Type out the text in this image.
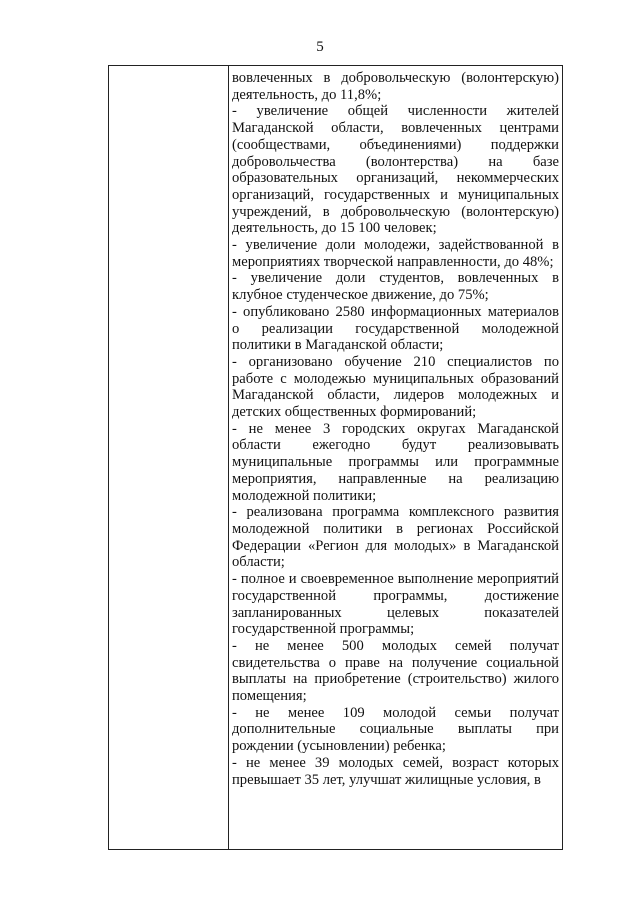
5

вовлеченных в добровольческую (волонтерскую) деятельность, до 11,8%;

- увеличение общей численности жителей Магаданской области, вовлеченных центрами (сообществами, объединениями) поддержки добровольчества (волонтерства) на базе образовательных организаций, некоммерческих организаций, государственных и муниципальных учреждений, в добровольческую (волонтерскую) деятельность, до 15 100 человек;

- увеличение доли молодежи, задействованной в мероприятиях творческой направленности, до 48%;

- увеличение доли студентов, вовлеченных в клубное студенческое движение, до 75%;

- опубликовано 2580 информационных материалов о реализации государственной молодежной политики в Магаданской области;

- организовано обучение 210 специалистов по работе с молодежью муниципальных образований Магаданской области, лидеров молодежных и детских общественных формирований;

- не менее 3 городских округах Магаданской области ежегодно будут реализовывать муниципальные программы или программные мероприятия, направленные на реализацию молодежной политики;

- реализована программа комплексного развития молодежной политики в регионах Российской Федерации «Регион для молодых» в Магаданской области;

- полное и своевременное выполнение мероприятий государственной программы, достижение запланированных целевых показателей государственной программы;

- не менее 500 молодых семей получат свидетельства о праве на получение социальной выплаты на приобретение (строительство) жилого помещения;

- не менее 109 молодой семьи получат дополнительные социальные выплаты при рождении (усыновлении) ребенка;

- не менее 39 молодых семей, возраст которых превышает 35 лет, улучшат жилищные условия, в
